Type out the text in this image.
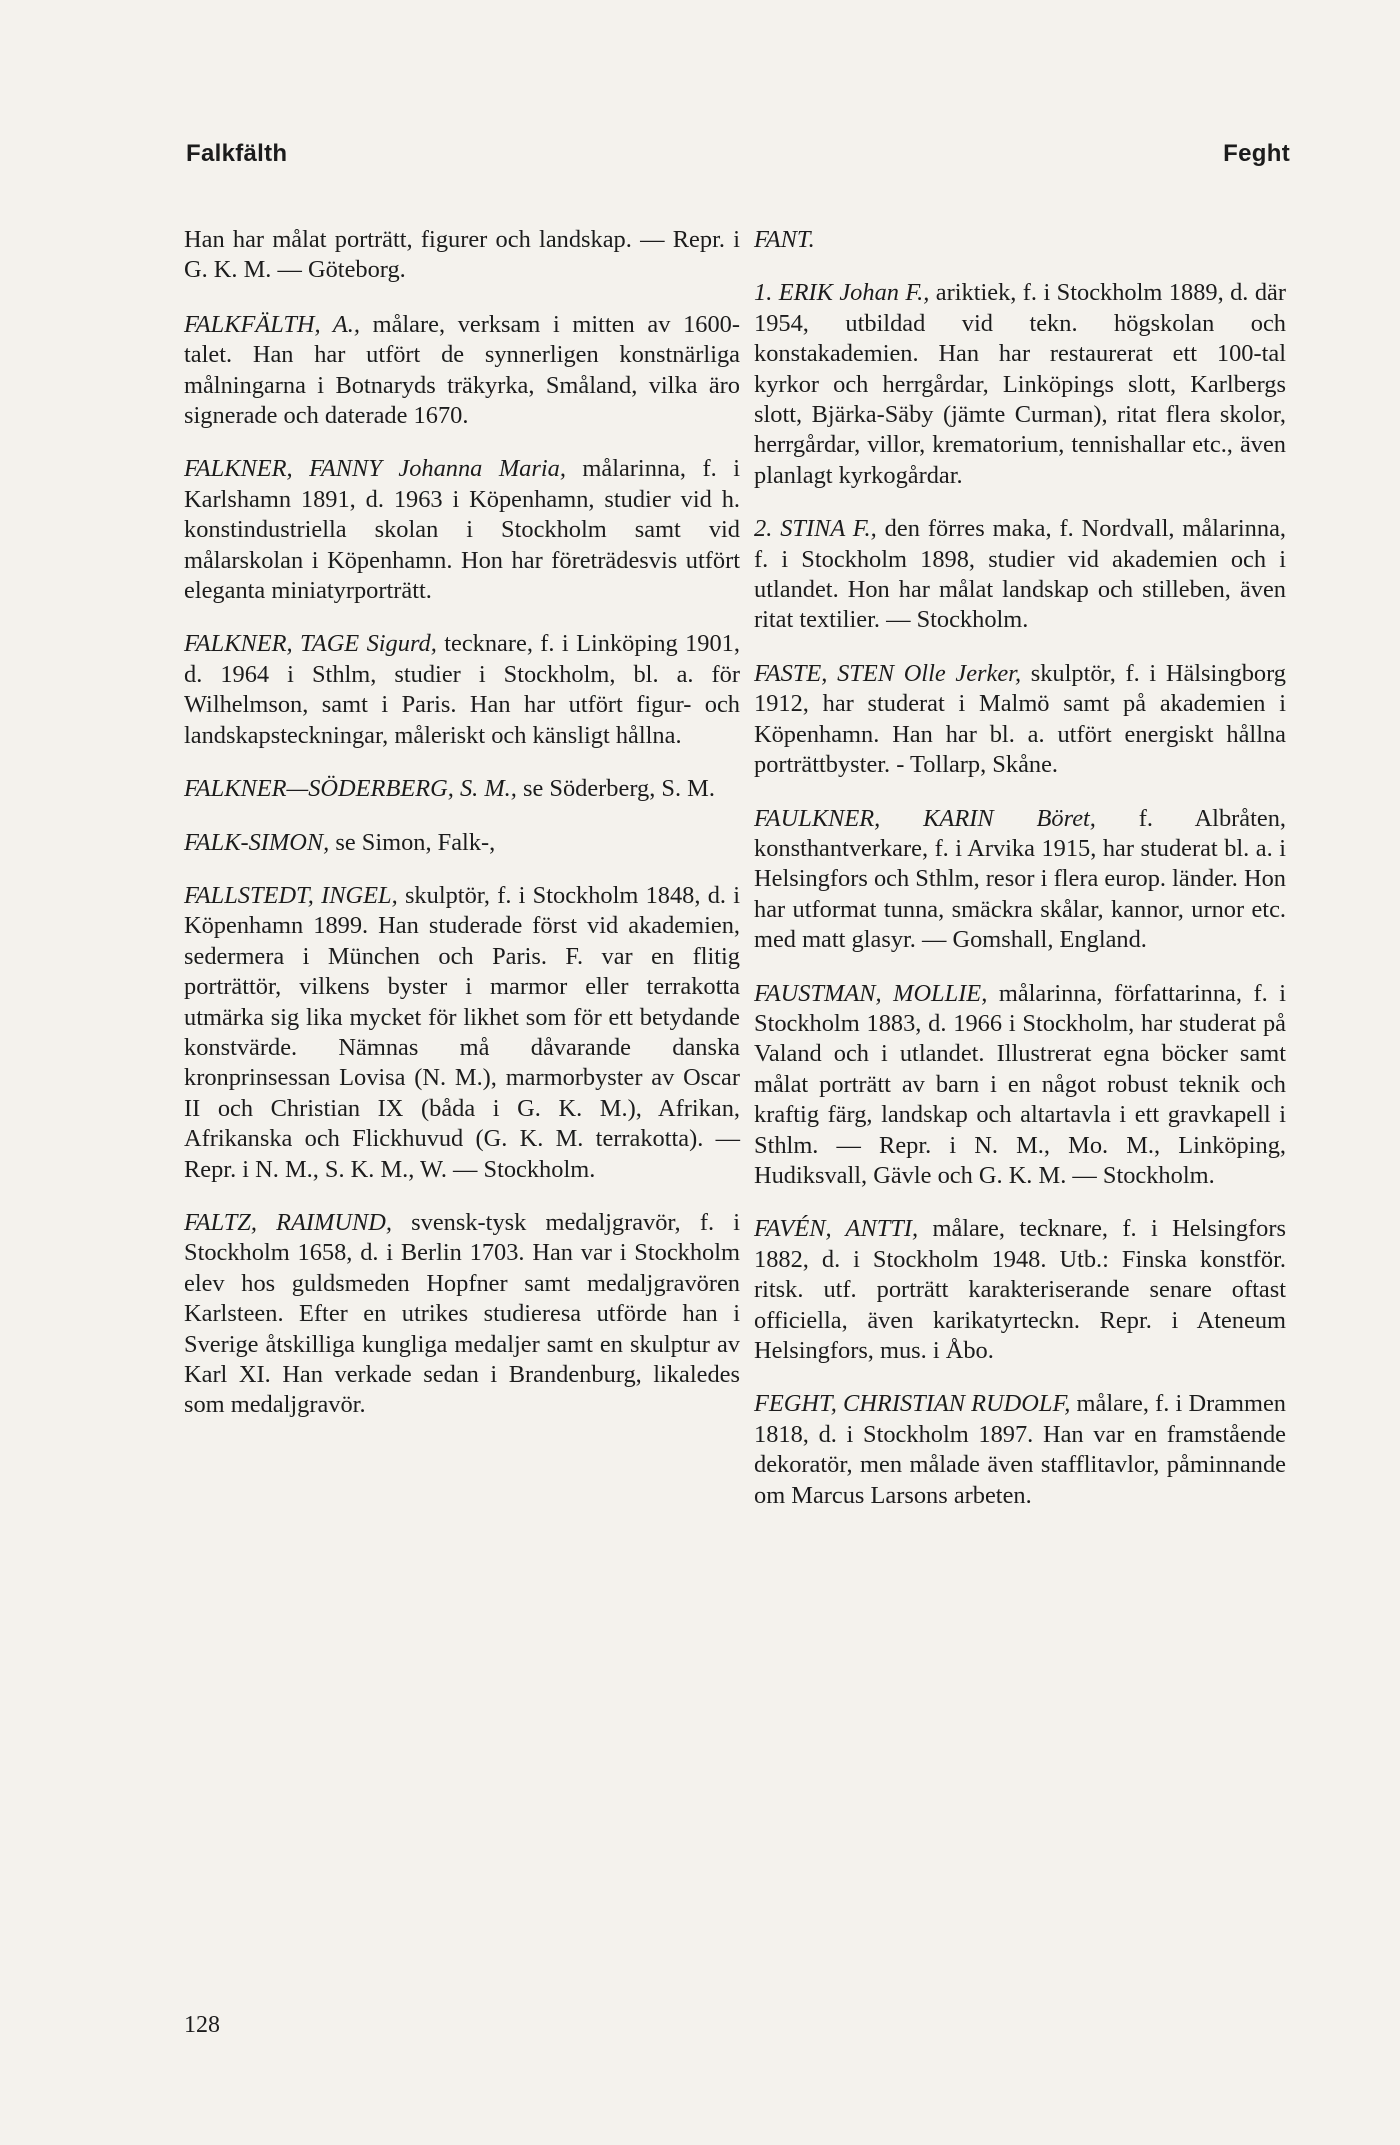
Falkfälth	Feght

Han har målat porträtt, figurer och landskap. — Repr. i G. K. M. — Göteborg.

FALKFÄLTH, A., målare, verksam i mitten av 1600-talet. Han har utfört de synnerligen konstnärliga målningarna i Botnaryds träkyrka, Småland, vilka äro signerade och daterade 1670.

FALKNER, FANNY Johanna Maria, målarinna, f. i Karlshamn 1891, d. 1963 i Köpenhamn, studier vid h. konstindustriella skolan i Stockholm samt vid målarskolan i Köpenhamn. Hon har företrädesvis utfört eleganta miniatyrporträtt.

FALKNER, TAGE Sigurd, tecknare, f. i Linköping 1901, d. 1964 i Sthlm, studier i Stockholm, bl. a. för Wilhelmson, samt i Paris. Han har utfört figur- och landskapsteckningar, måleriskt och känsligt hållna.

FALKNER—SÖDERBERG, S. M., se Söderberg, S. M.

FALK-SIMON, se Simon, Falk-,

FALLSTEDT, INGEL, skulptör, f. i Stockholm 1848, d. i Köpenhamn 1899. Han studerade först vid akademien, sedermera i München och Paris. F. var en flitig porträttör, vilkens byster i marmor eller terrakotta utmärka sig lika mycket för likhet som för ett betydande konstvärde. Nämnas må dåvarande danska kronprinsessan Lovisa (N. M.), marmorbyster av Oscar II och Christian IX (båda i G. K. M.), Afrikan, Afrikanska och Flickhuvud (G. K. M. terrakotta). — Repr. i N. M., S. K. M., W. — Stockholm.

FALTZ, RAIMUND, svensk-tysk medaljgravör, f. i Stockholm 1658, d. i Berlin 1703. Han var i Stockholm elev hos guldsmeden Hopfner samt medaljgravören Karlsteen. Efter en utrikes studieresa utförde han i Sverige åtskilliga kungliga medaljer samt en skulptur av Karl XI. Han verkade sedan i Brandenburg, likaledes som medaljgravör.

FANT.

1. ERIK Johan F., ariktiek, f. i Stockholm 1889, d. där 1954, utbildad vid tekn. högskolan och konstakademien. Han har restaurerat ett 100-tal kyrkor och herrgårdar, Linköpings slott, Karlbergs slott, Bjärka-Säby (jämte Curman), ritat flera skolor, herrgårdar, villor, krematorium, tennishallar etc., även planlagt kyrkogårdar.

2. STINA F., den förres maka, f. Nordvall, målarinna, f. i Stockholm 1898, studier vid akademien och i utlandet. Hon har målat landskap och stilleben, även ritat textilier. — Stockholm.

FASTE, STEN Olle Jerker, skulptör, f. i Hälsingborg 1912, har studerat i Malmö samt på akademien i Köpenhamn. Han har bl. a. utfört energiskt hållna porträttbyster. - Tollarp, Skåne.

FAULKNER, KARIN Böret, f. Albråten, konsthantverkare, f. i Arvika 1915, har studerat bl. a. i Helsingfors och Sthlm, resor i flera europ. länder. Hon har utformat tunna, smäckra skålar, kannor, urnor etc. med matt glasyr. — Gomshall, England.

FAUSTMAN, MOLLIE, målarinna, författarinna, f. i Stockholm 1883, d. 1966 i Stockholm, har studerat på Valand och i utlandet. Illustrerat egna böcker samt målat porträtt av barn i en något robust teknik och kraftig färg, landskap och altartavla i ett gravkapell i Sthlm. — Repr. i N. M., Mo. M., Linköping, Hudiksvall, Gävle och G. K. M. — Stockholm.

FAVÉN, ANTTI, målare, tecknare, f. i Helsingfors 1882, d. i Stockholm 1948. Utb.: Finska konstför. ritsk. utf. porträtt karakteriserande senare oftast officiella, även karikatyrteckn. Repr. i Ateneum Helsingfors, mus. i Åbo.

FEGHT, CHRISTIAN RUDOLF, målare, f. i Drammen 1818, d. i Stockholm 1897. Han var en framstående dekoratör, men målade även stafflitavlor, påminnande om Marcus Larsons arbeten.

128
